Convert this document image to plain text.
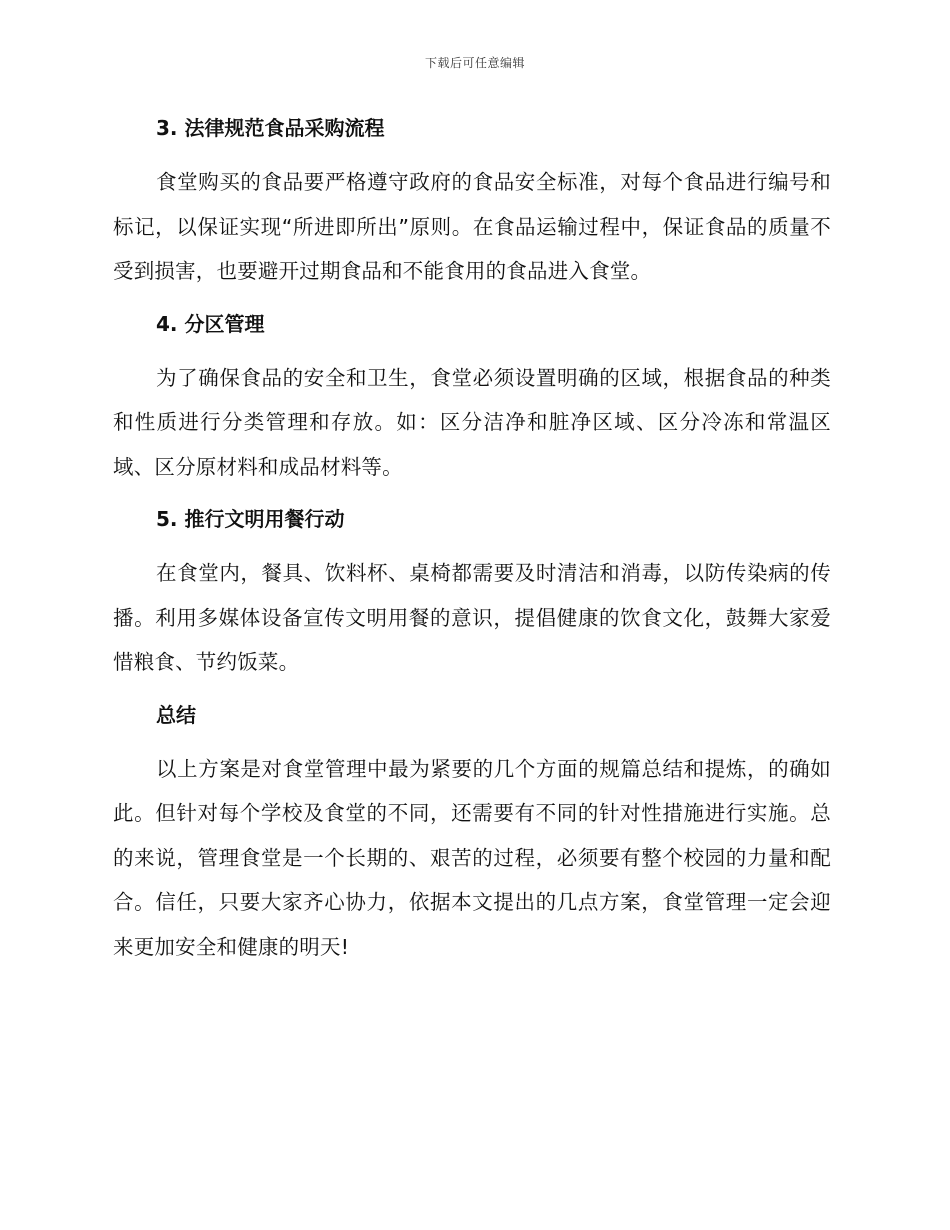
下载后可任意编辑
3. 法律规范食品采购流程

食堂购买的食品要严格遵守政府的食品安全标准，对每个食品进行编号和标记，以保证实现“所进即所出”原则。在食品运输过程中，保证食品的质量不受到损害，也要避开过期食品和不能食用的食品进入食堂。

4. 分区管理

为了确保食品的安全和卫生，食堂必须设置明确的区域，根据食品的种类和性质进行分类管理和存放。如：区分洁净和脏净区域、区分冷冻和常温区域、区分原材料和成品材料等。

5. 推行文明用餐行动

在食堂内，餐具、饮料杯、桌椅都需要及时清洁和消毒，以防传染病的传播。利用多媒体设备宣传文明用餐的意识，提倡健康的饮食文化，鼓舞大家爱惜粮食、节约饭菜。

总结

以上方案是对食堂管理中最为紧要的几个方面的规篇总结和提炼，的确如此。但针对每个学校及食堂的不同，还需要有不同的针对性措施进行实施。总的来说，管理食堂是一个长期的、艰苦的过程，必须要有整个校园的力量和配合。信任，只要大家齐心协力，依据本文提出的几点方案，食堂管理一定会迎来更加安全和健康的明天!
